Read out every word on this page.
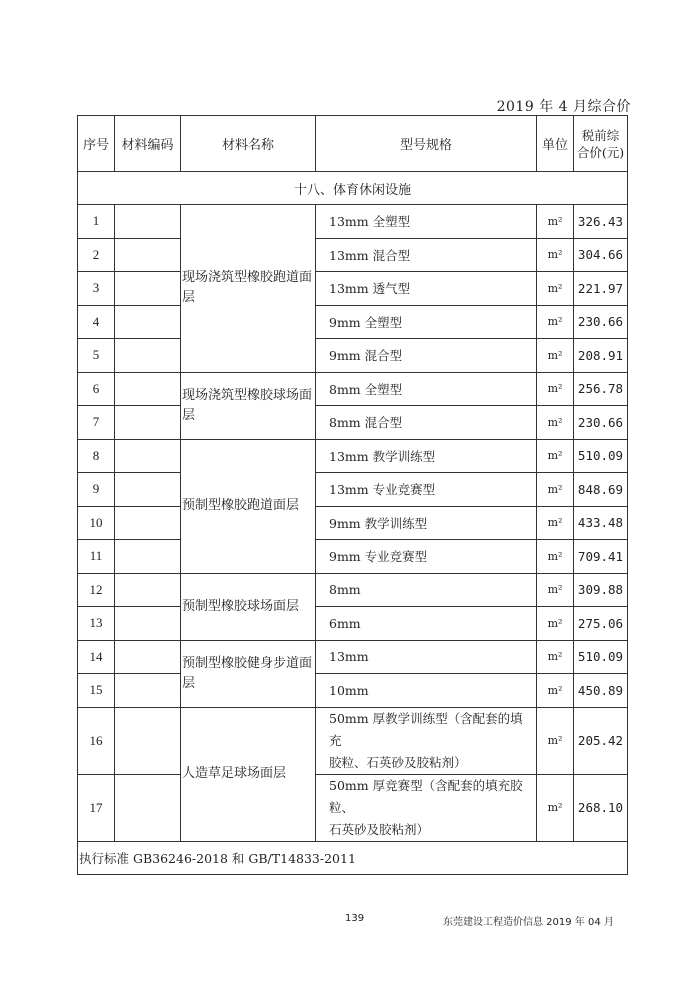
2019 年 4 月综合价
序号	材料编码	材料名称	型号规格	单位	税前综
合价(元)

十八、体育休闲设施					
1		现场浇筑型橡胶跑道面层	13mm 全塑型	m²	326.43
2			13mm 混合型	m²	304.66
3			13mm 透气型	m²	221.97
4			9mm 全塑型	m²	230.66
5			9mm 混合型	m²	208.91
6		现场浇筑型橡胶球场面层	8mm 全塑型	m²	256.78
7			8mm 混合型	m²	230.66
8		预制型橡胶跑道面层	13mm 教学训练型	m²	510.09
9			13mm 专业竞赛型	m²	848.69
10			9mm 教学训练型	m²	433.48
11			9mm 专业竞赛型	m²	709.41
12		预制型橡胶球场面层	8mm	m²	309.88
13			6mm	m²	275.06
14		预制型橡胶健身步道面层	13mm	m²	510.09
15			10mm	m²	450.89
16		人造草足球场面层	50mm 厚教学训练型（含配套的填充
胶粒、石英砂及胶粘剂）	m²	205.42
17			50mm 厚竞赛型（含配套的填充胶粒、
石英砂及胶粘剂）	m²	268.10
执行标准 GB36246-2018 和 GB/T14833-2011					
139	东莞建设工程造价信息 2019 年 04 月
